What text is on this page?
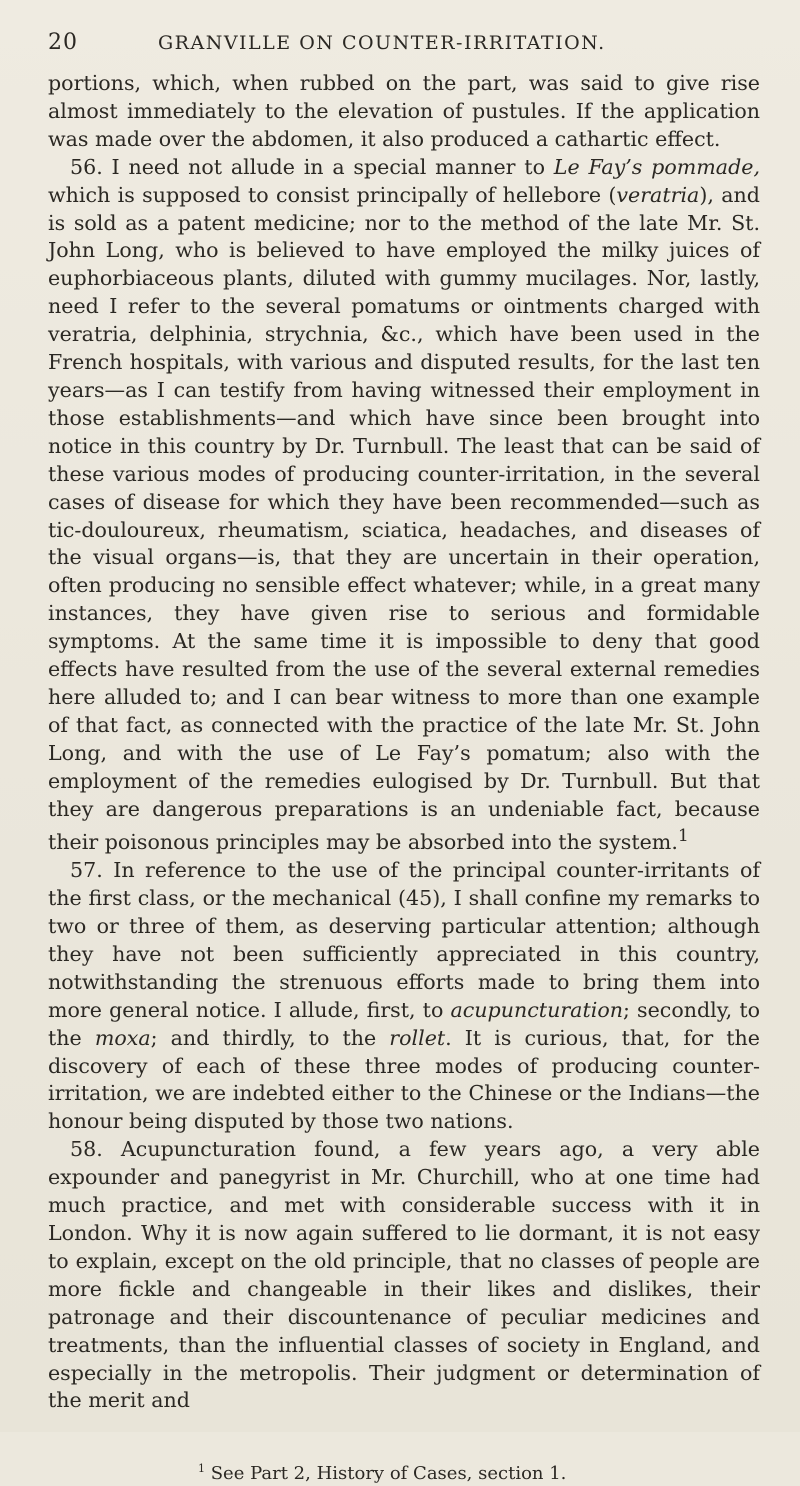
20	GRANVILLE ON COUNTER-IRRITATION.

portions, which, when rubbed on the part, was said to give rise almost immediately to the elevation of pustules. If the application was made over the abdomen, it also produced a cathartic effect.

56. I need not allude in a special manner to Le Fay’s pommade, which is supposed to consist principally of hellebore (veratria), and is sold as a patent medicine; nor to the method of the late Mr. St. John Long, who is believed to have employed the milky juices of euphorbiaceous plants, diluted with gummy mucilages. Nor, lastly, need I refer to the several pomatums or ointments charged with veratria, delphinia, strychnia, &c., which have been used in the French hospitals, with various and disputed results, for the last ten years—as I can testify from having witnessed their employment in those establishments—and which have since been brought into notice in this country by Dr. Turnbull. The least that can be said of these various modes of producing counter-irritation, in the several cases of disease for which they have been recommended—such as tic-douloureux, rheumatism, sciatica, headaches, and diseases of the visual organs—is, that they are uncertain in their operation, often producing no sensible effect whatever; while, in a great many instances, they have given rise to serious and formidable symptoms. At the same time it is impossible to deny that good effects have resulted from the use of the several external remedies here alluded to; and I can bear witness to more than one example of that fact, as connected with the practice of the late Mr. St. John Long, and with the use of Le Fay’s pomatum; also with the employment of the remedies eulogised by Dr. Turnbull. But that they are dangerous preparations is an undeniable fact, because their poisonous principles may be absorbed into the system.$^1$

57. In reference to the use of the principal counter-irritants of the first class, or the mechanical (45), I shall confine my remarks to two or three of them, as deserving particular attention; although they have not been sufficiently appreciated in this country, notwithstanding the strenuous efforts made to bring them into more general notice. I allude, first, to acupuncturation; secondly, to the moxa; and thirdly, to the rollet. It is curious, that, for the discovery of each of these three modes of producing counter-irritation, we are indebted either to the Chinese or the Indians—the honour being disputed by those two nations.

58. Acupuncturation found, a few years ago, a very able expounder and panegyrist in Mr. Churchill, who at one time had much practice, and met with considerable success with it in London. Why it is now again suffered to lie dormant, it is not easy to explain, except on the old principle, that no classes of people are more fickle and changeable in their likes and dislikes, their patronage and their discountenance of peculiar medicines and treatments, than the influential classes of society in England, and especially in the metropolis. Their judgment or determination of the merit and

$^1$ See Part 2, History of Cases, section 1.
